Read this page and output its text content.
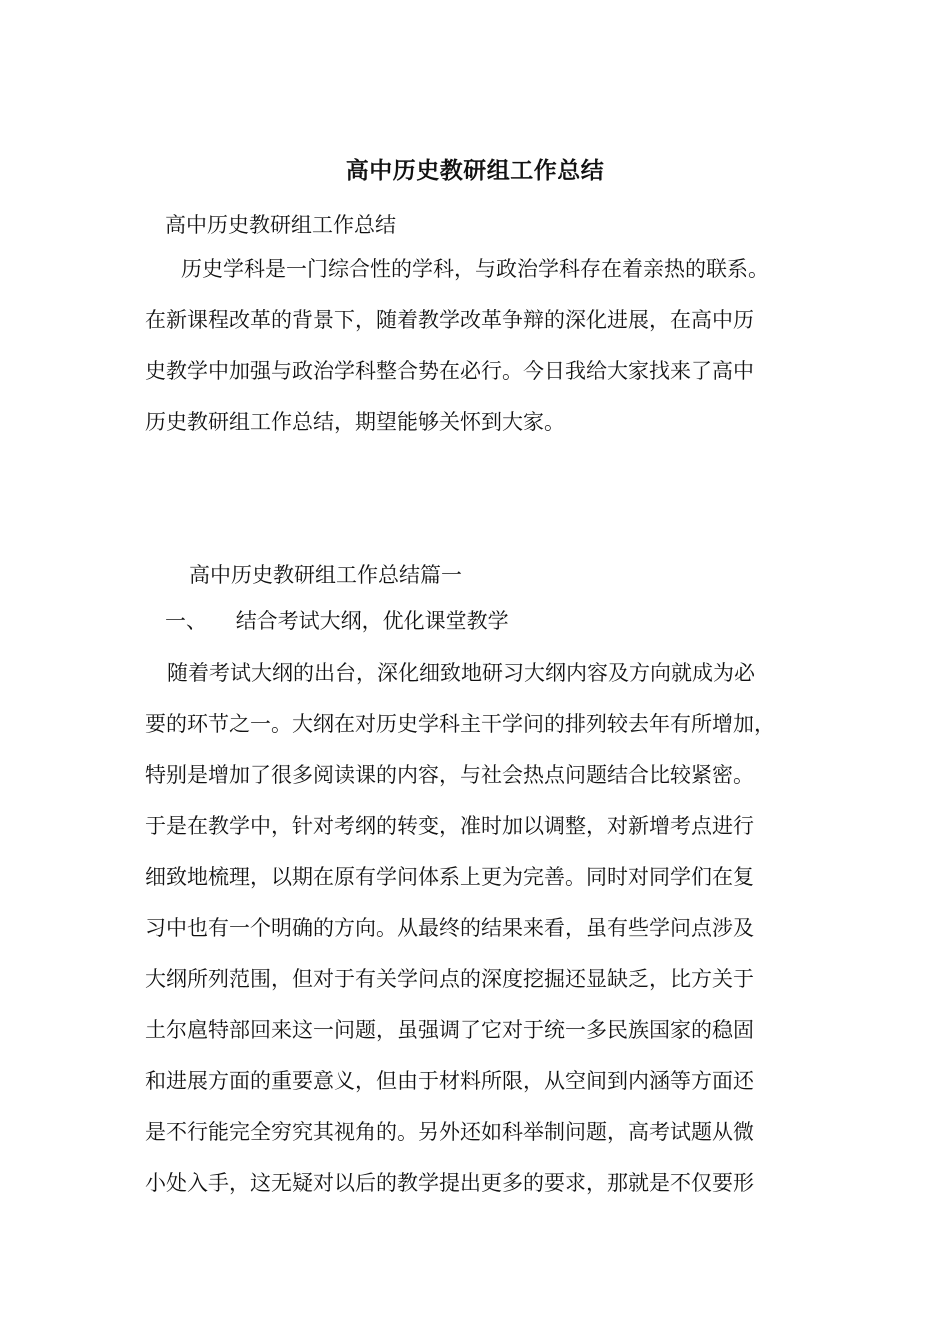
高中历史教研组工作总结
高中历史教研组工作总结
历史学科是一门综合性的学科，与政治学科存在着亲热的联系。
在新课程改革的背景下，随着教学改革争辩的深化进展，在高中历
史教学中加强与政治学科整合势在必行。今日我给大家找来了高中
历史教研组工作总结，期望能够关怀到大家。
高中历史教研组工作总结篇一
一、 结合考试大纲，优化课堂教学
随着考试大纲的出台，深化细致地研习大纲内容及方向就成为必
要的环节之一。大纲在对历史学科主干学问的排列较去年有所增加，
特别是增加了很多阅读课的内容，与社会热点问题结合比较紧密。
于是在教学中，针对考纲的转变，准时加以调整，对新增考点进行
细致地梳理，以期在原有学问体系上更为完善。同时对同学们在复
习中也有一个明确的方向。从最终的结果来看，虽有些学问点涉及
大纲所列范围，但对于有关学问点的深度挖掘还显缺乏，比方关于
土尔扈特部回来这一问题，虽强调了它对于统一多民族国家的稳固
和进展方面的重要意义，但由于材料所限，从空间到内涵等方面还
是不行能完全穷究其视角的。另外还如科举制问题，高考试题从微
小处入手，这无疑对以后的教学提出更多的要求，那就是不仅要形
